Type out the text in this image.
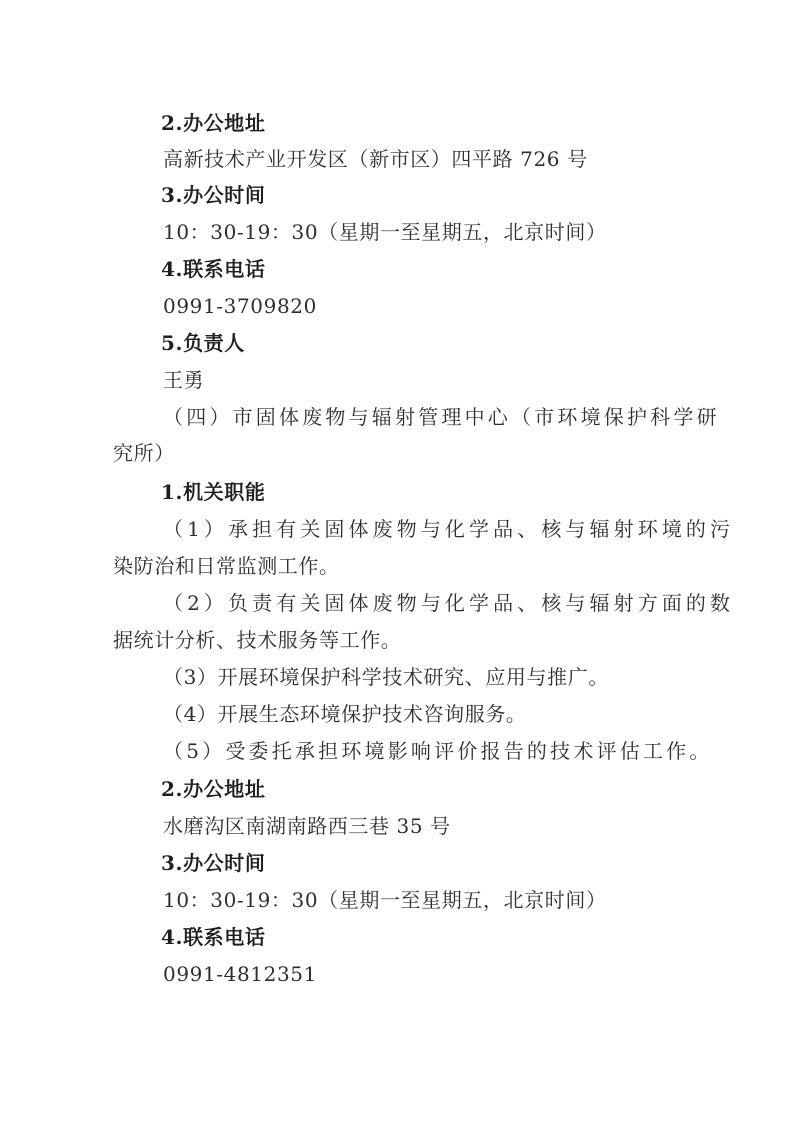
2.办公地址
高新技术产业开发区（新市区）四平路 726 号
3.办公时间
10：30-19：30（星期一至星期五，北京时间）
4.联系电话
0991-3709820
5.负责人
王勇
（四）市固体废物与辐射管理中心（市环境保护科学研
究所）
1.机关职能
（1）承担有关固体废物与化学品、核与辐射环境的污
染防治和日常监测工作。
（2）负责有关固体废物与化学品、核与辐射方面的数
据统计分析、技术服务等工作。
（3）开展环境保护科学技术研究、应用与推广。
（4）开展生态环境保护技术咨询服务。
（5）受委托承担环境影响评价报告的技术评估工作。
2.办公地址
水磨沟区南湖南路西三巷 35 号
3.办公时间
10：30-19：30（星期一至星期五，北京时间）
4.联系电话
0991-4812351
